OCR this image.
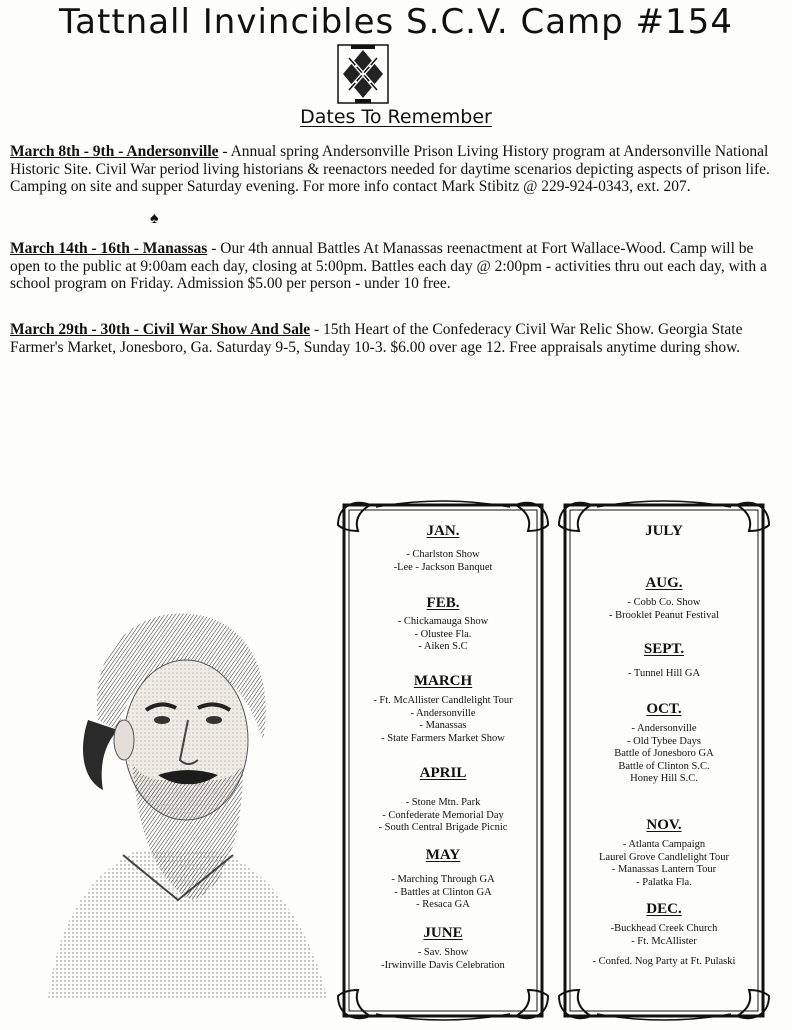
Tattnall Invincibles S.C.V. Camp #154
Dates To Remember
March 8th - 9th - Andersonville - Annual spring Andersonville Prison Living History program at Andersonville National Historic Site. Civil War period living historians & reenactors needed for daytime scenarios depicting aspects of prison life. Camping on site and supper Saturday evening. For more info contact Mark Stibitz @ 229-924-0343, ext. 207.
♠
March 14th - 16th - Manassas - Our 4th annual Battles At Manassas reenactment at Fort Wallace-Wood. Camp will be open to the public at 9:00am each day, closing at 5:00pm. Battles each day @ 2:00pm - activities thru out each day, with a school program on Friday. Admission $5.00 per person - under 10 free.
March 29th - 30th - Civil War Show And Sale - 15th Heart of the Confederacy Civil War Relic Show. Georgia State Farmer's Market, Jonesboro, Ga. Saturday 9-5, Sunday 10-3. $6.00 over age 12. Free appraisals anytime during show.
JAN.
- Charlston Show
-Lee - Jackson Banquet
FEB.
- Chickamauga Show
- Olustee Fla.
- Aiken S.C
MARCH
- Ft. McAllister Candlelight Tour
- Andersonville
- Manassas
- State Farmers Market Show
APRIL
- Stone Mtn. Park
- Confederate Memorial Day
- South Central Brigade Picnic
MAY
- Marching Through GA
- Battles at Clinton GA
- Resaca GA
JUNE
- Sav. Show
-Irwinville Davis Celebration
JULY
AUG.
- Cobb Co. Show
- Brooklet Peanut Festival
SEPT.
- Tunnel Hill GA
OCT.
- Andersonville
- Old Tybee Days
Battle of Jonesboro GA
Battle of Clinton S.C.
Honey Hill S.C.
NOV.
- Atlanta Campaign
Laurel Grove Candlelight Tour
- Manassas Lantern Tour
- Palatka Fla.
DEC.
-Buckhead Creek Church
- Ft. McAllister
- Confed. Nog Party at Ft. Pulaski
